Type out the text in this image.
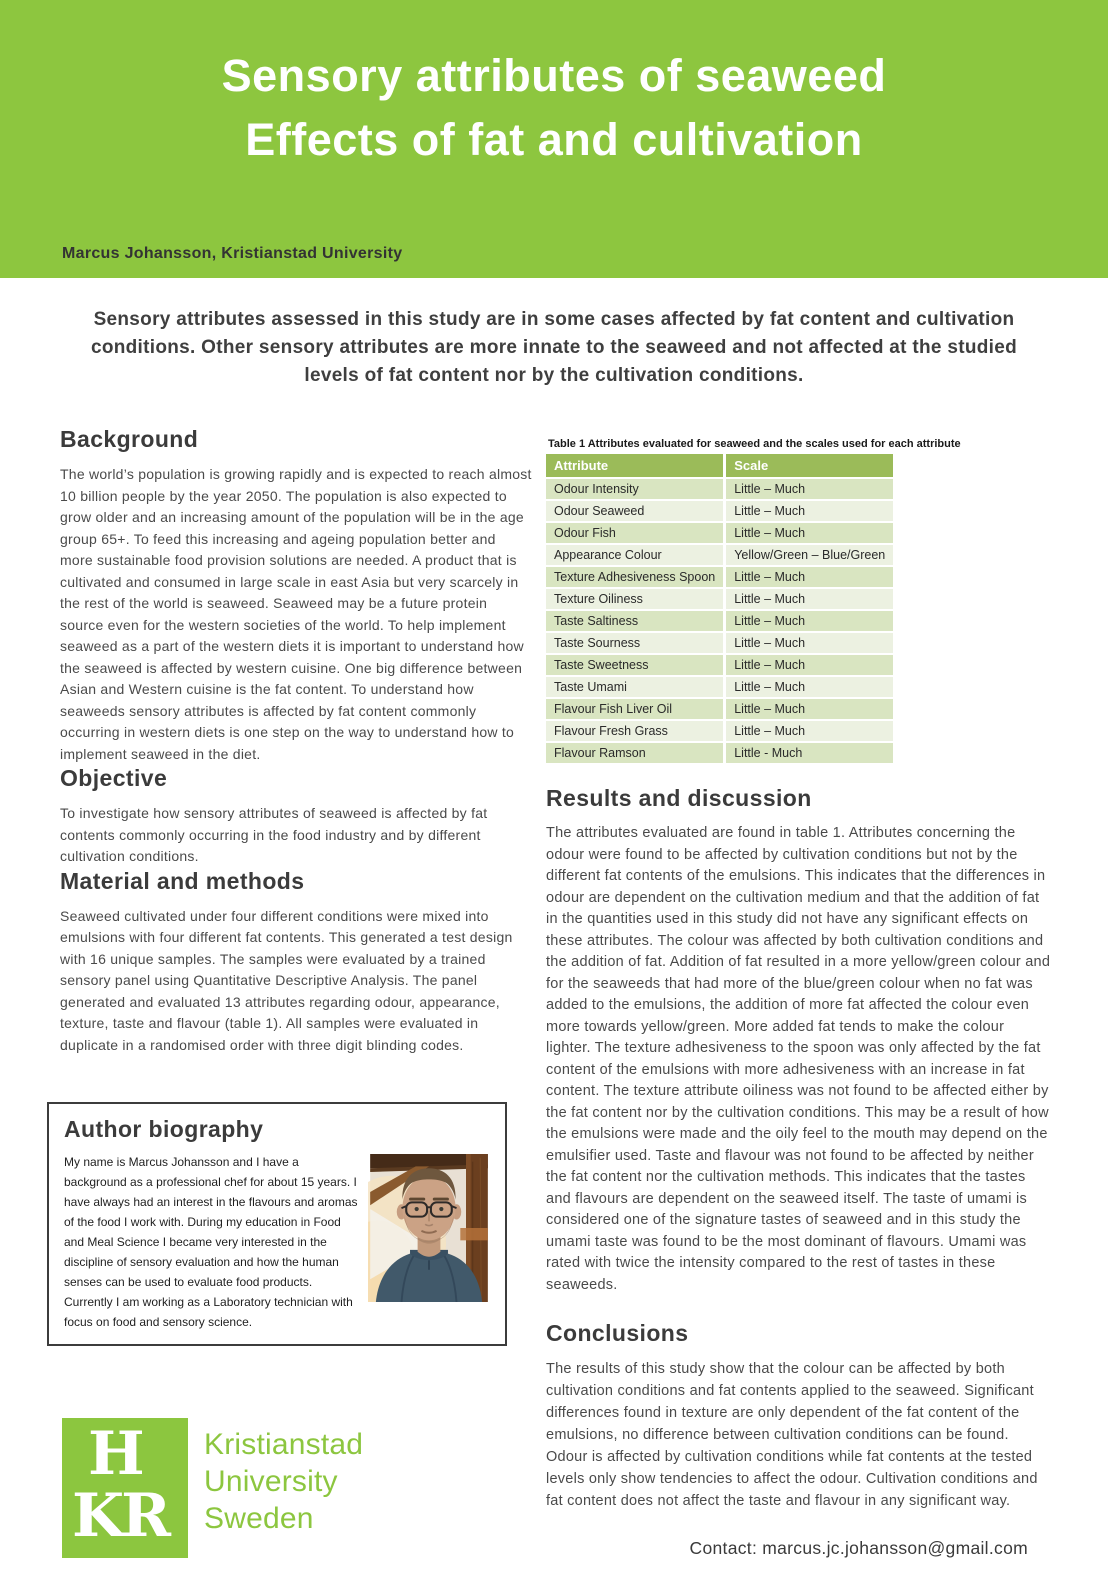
Sensory attributes of seaweed
Effects of fat and cultivation
Marcus Johansson, Kristianstad University
Sensory attributes assessed in this study are in some cases affected by fat content and cultivation conditions. Other sensory attributes are more innate to the seaweed and not affected at the studied levels of fat content nor by the cultivation conditions.
Background

The world’s population is growing rapidly and is expected to reach almost 10 billion people by the year 2050. The population is also expected to grow older and an increasing amount of the population will be in the age group 65+. To feed this increasing and ageing population better and more sustainable food provision solutions are needed. A product that is cultivated and consumed in large scale in east Asia but very scarcely in the rest of the world is seaweed. Seaweed may be a future protein source even for the western societies of the world. To help implement seaweed as a part of the western diets it is important to understand how the seaweed is affected by western cuisine. One big difference between Asian and Western cuisine is the fat content. To understand how seaweeds sensory attributes is affected by fat content commonly occurring in western diets is one step on the way to understand how to implement seaweed in the diet.

Objective

To investigate how sensory attributes of seaweed is affected by fat contents commonly occurring in the food industry and by different cultivation conditions.

Material and methods

Seaweed cultivated under four different conditions were mixed into emulsions with four different fat contents. This generated a test design with 16 unique samples. The samples were evaluated by a trained sensory panel using Quantitative Descriptive Analysis. The panel generated and evaluated 13 attributes regarding odour, appearance, texture, taste and flavour (table 1). All samples were evaluated in duplicate in a randomised order with three digit blinding codes.

Author biography

My name is Marcus Johansson and I have a background as a professional chef for about 15 years. I have always had an interest in the flavours and aromas of the food I work with. During my education in Food and Meal Science I became very interested in the discipline of sensory evaluation and how the human senses can be used to evaluate food products. Currently I am working as a Laboratory technician with focus on food and sensory science.

H
KR
Kristianstad
University
Sweden
Table 1 Attributes evaluated for seaweed and the scales used for each attribute
Attribute	Scale
Odour Intensity	Little – Much
Odour Seaweed	Little – Much
Odour Fish	Little – Much
Appearance Colour	Yellow/Green – Blue/Green
Texture Adhesiveness Spoon	Little – Much
Texture Oiliness	Little – Much
Taste Saltiness	Little – Much
Taste Sourness	Little – Much
Taste Sweetness	Little – Much
Taste Umami	Little – Much
Flavour Fish Liver Oil	Little – Much
Flavour Fresh Grass	Little – Much
Flavour Ramson	Little - Much
Results and discussion

The attributes evaluated are found in table 1. Attributes concerning the odour were found to be affected by cultivation conditions but not by the different fat contents of the emulsions. This indicates that the differences in odour are dependent on the cultivation medium and that the addition of fat in the quantities used in this study did not have any significant effects on these attributes. The colour was affected by both cultivation conditions and the addition of fat. Addition of fat resulted in a more yellow/green colour and for the seaweeds that had more of the blue/green colour when no fat was added to the emulsions, the addition of more fat affected the colour even more towards yellow/green. More added fat tends to make the colour lighter. The texture adhesiveness to the spoon was only affected by the fat content of the emulsions with more adhesiveness with an increase in fat content. The texture attribute oiliness was not found to be affected either by the fat content nor by the cultivation conditions. This may be a result of how the emulsions were made and the oily feel to the mouth may depend on the emulsifier used. Taste and flavour was not found to be affected by neither the fat content nor the cultivation methods. This indicates that the tastes and flavours are dependent on the seaweed itself. The taste of umami is considered one of the signature tastes of seaweed and in this study the umami taste was found to be the most dominant of flavours. Umami was rated with twice the intensity compared to the rest of tastes in these seaweeds.

Conclusions

The results of this study show that the colour can be affected by both cultivation conditions and fat contents applied to the seaweed. Significant differences found in texture are only dependent of the fat content of the emulsions, no difference between cultivation conditions can be found. Odour is affected by cultivation conditions while fat contents at the tested levels only show tendencies to affect the odour. Cultivation conditions and fat content does not affect the taste and flavour in any significant way.

Contact: marcus.jc.johansson@gmail.com
